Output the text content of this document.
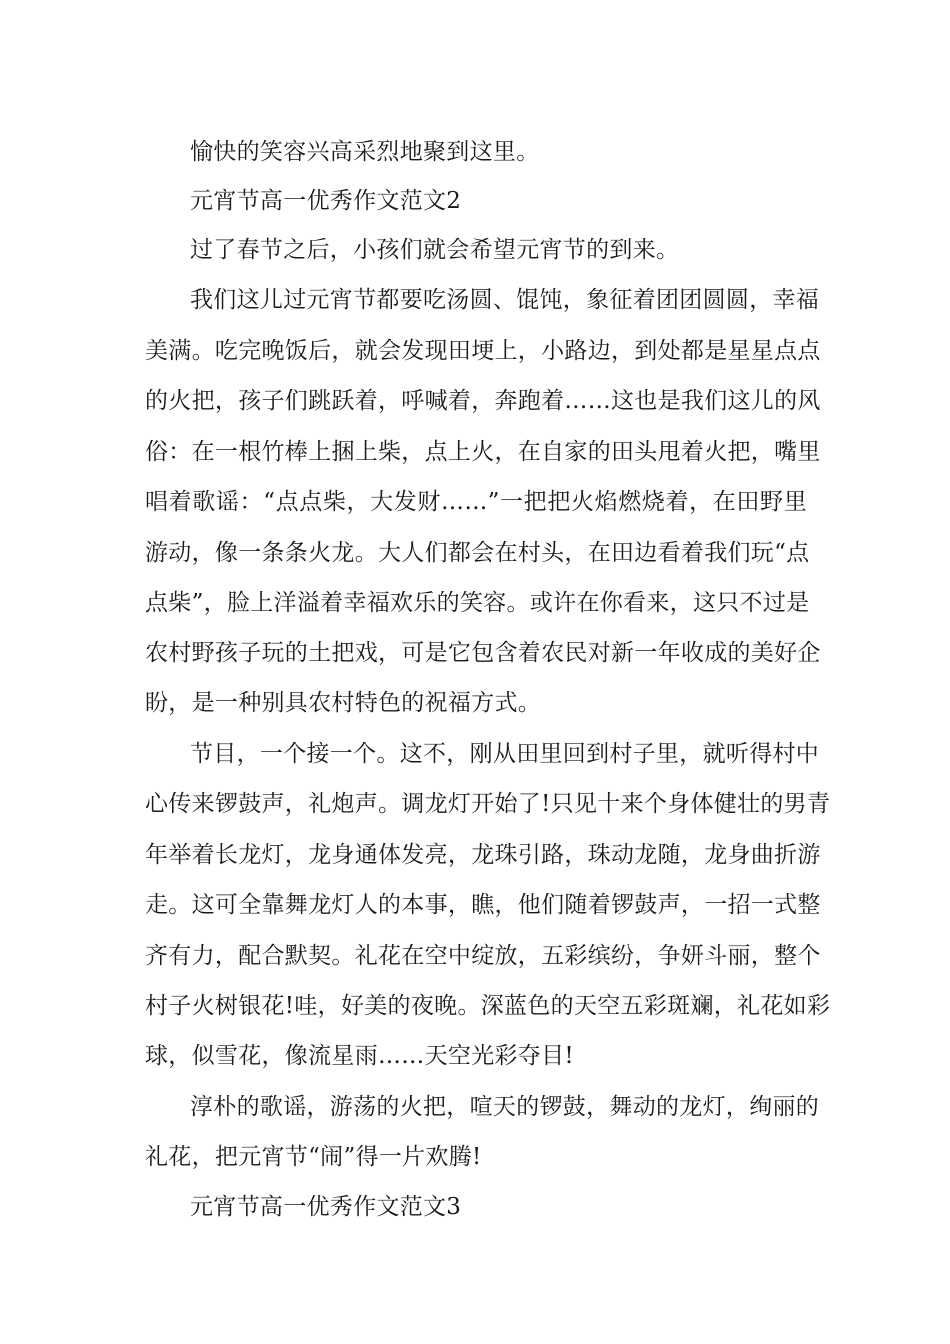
愉快的笑容兴高采烈地聚到这里。
元宵节高一优秀作文范文2
过了春节之后，小孩们就会希望元宵节的到来。
我们这儿过元宵节都要吃汤圆、馄饨，象征着团团圆圆，幸福
美满。吃完晚饭后，就会发现田埂上，小路边，到处都是星星点点
的火把，孩子们跳跃着，呼喊着，奔跑着……这也是我们这儿的风
俗：在一根竹棒上捆上柴，点上火，在自家的田头甩着火把，嘴里
唱着歌谣：“点点柴，大发财……”一把把火焰燃烧着，在田野里
游动，像一条条火龙。大人们都会在村头，在田边看着我们玩“点
点柴”，脸上洋溢着幸福欢乐的笑容。或许在你看来，这只不过是
农村野孩子玩的土把戏，可是它包含着农民对新一年收成的美好企
盼，是一种别具农村特色的祝福方式。
节目，一个接一个。这不，刚从田里回到村子里，就听得村中
心传来锣鼓声，礼炮声。调龙灯开始了!只见十来个身体健壮的男青
年举着长龙灯，龙身通体发亮，龙珠引路，珠动龙随，龙身曲折游
走。这可全靠舞龙灯人的本事，瞧，他们随着锣鼓声，一招一式整
齐有力，配合默契。礼花在空中绽放，五彩缤纷，争妍斗丽，整个
村子火树银花!哇，好美的夜晚。深蓝色的天空五彩斑斓，礼花如彩
球，似雪花，像流星雨……天空光彩夺目!
淳朴的歌谣，游荡的火把，喧天的锣鼓，舞动的龙灯，绚丽的
礼花，把元宵节“闹”得一片欢腾!
元宵节高一优秀作文范文3
